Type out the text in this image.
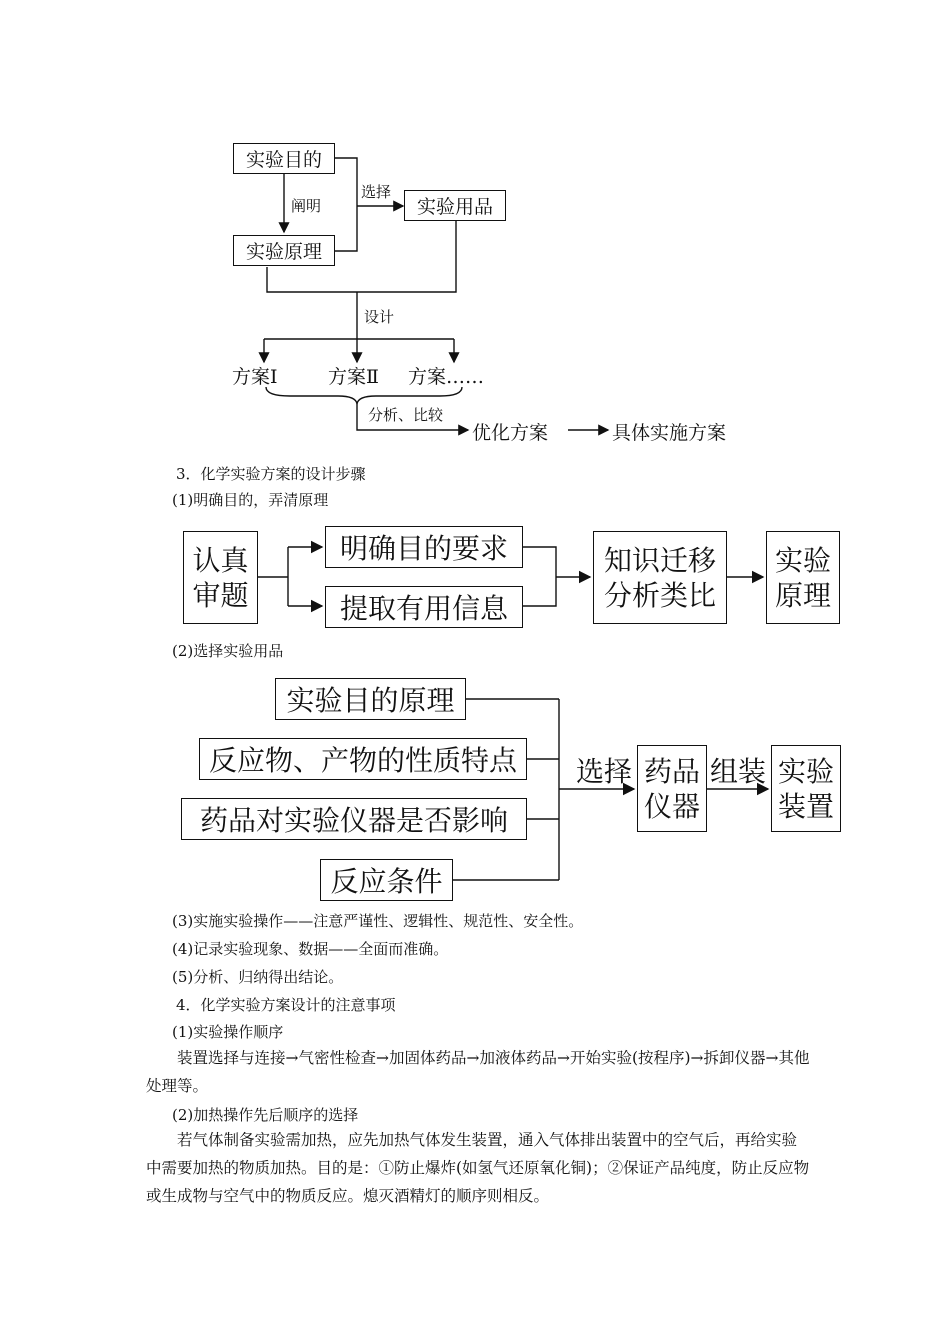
实验目的
实验原理
实验用品
阐明
选择
设计
方案Ⅰ	方案Ⅱ 方案……
分析、比较
优化方案	具体实施方案
3．化学实验方案的设计步骤
(1)明确目的，弄清原理
认真
审题
明确目的要求
提取有用信息
知识迁移
分析类比
实验
原理
(2)选择实验用品
实验目的原理
反应物、产物的性质特点
药品对实验仪器是否影响
反应条件
选择 药品
仪器
组装 实验
装置
(3)实施实验操作——注意严谨性、逻辑性、规范性、安全性。
(4)记录实验现象、数据——全面而准确。
(5)分析、归纳得出结论。
4．化学实验方案设计的注意事项
(1)实验操作顺序
装置选择与连接→气密性检查→加固体药品→加液体药品→开始实验(按程序)→拆卸仪器→其他处理等。
(2)加热操作先后顺序的选择
若气体制备实验需加热，应先加热气体发生装置，通入气体排出装置中的空气后，再给实验中需要加热的物质加热。目的是：①防止爆炸(如氢气还原氧化铜)；②保证产品纯度，防止反应物或生成物与空气中的物质反应。熄灭酒精灯的顺序则相反。
